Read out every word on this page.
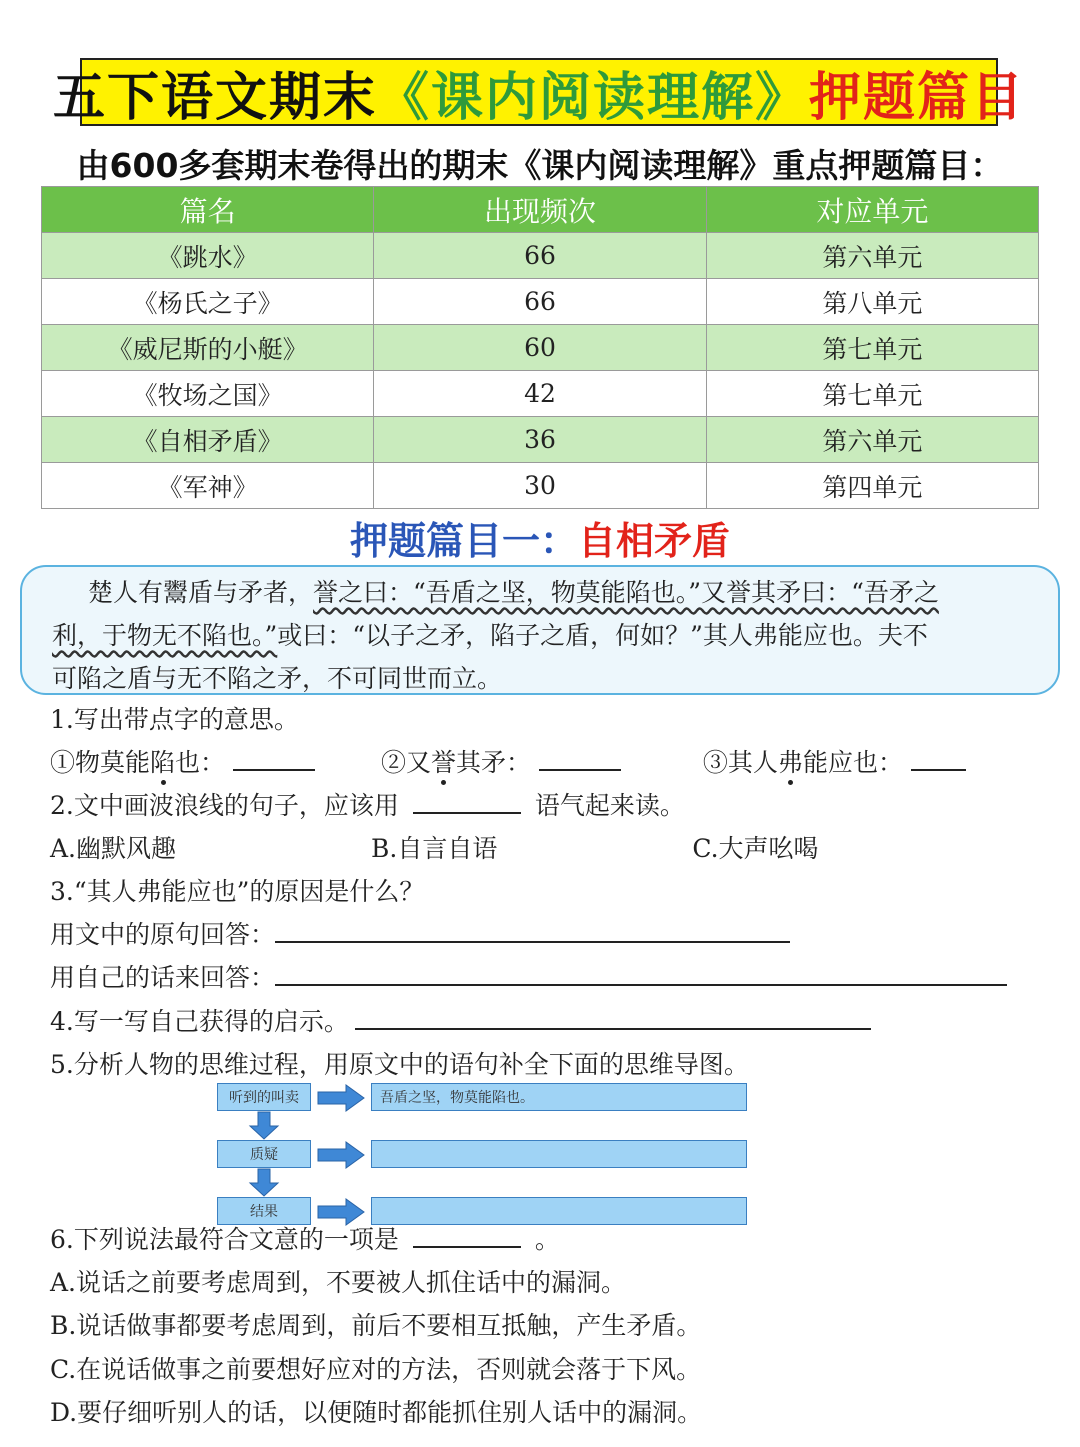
五下语文期末 《课内阅读理解》 押题篇目
由600多套期末卷得出的期末《课内阅读理解》重点押题篇目：
篇名	出现频次	对应单元
《跳水》	66	第六单元
《杨氏之子》	66	第八单元
《威尼斯的小艇》	60	第七单元
《牧场之国》	42	第七单元
《自相矛盾》	36	第六单元
《军神》	30	第四单元
押题篇目一：自相矛盾
楚人有鬻盾与矛者，誉之曰：“吾盾之坚，物莫能陷也。”又誉其矛曰：“吾矛之
利，于物无不陷也。”或曰：“以子之矛，陷子之盾，何如？”其人弗能应也。夫不
可陷之盾与无不陷之矛，不可同世而立。
1.写出带点字的意思。
①物莫能陷也：	②又誉其矛：	③其人弗能应也：
2.文中画波浪线的句子，应该用	语气起来读。
A.幽默风趣	B.自言自语	C.大声吆喝
3.“其人弗能应也”的原因是什么？
用文中的原句回答：
用自己的话来回答：
4.写一写自己获得的启示。
5.分析人物的思维过程，用原文中的语句补全下面的思维导图。
听到的叫卖
质疑
结果
吾盾之坚，物莫能陷也。
6.下列说法最符合文意的一项是	。
A.说话之前要考虑周到，不要被人抓住话中的漏洞。
B.说话做事都要考虑周到，前后不要相互抵触，产生矛盾。
C.在说话做事之前要想好应对的方法，否则就会落于下风。
D.要仔细听别人的话，以便随时都能抓住别人话中的漏洞。
